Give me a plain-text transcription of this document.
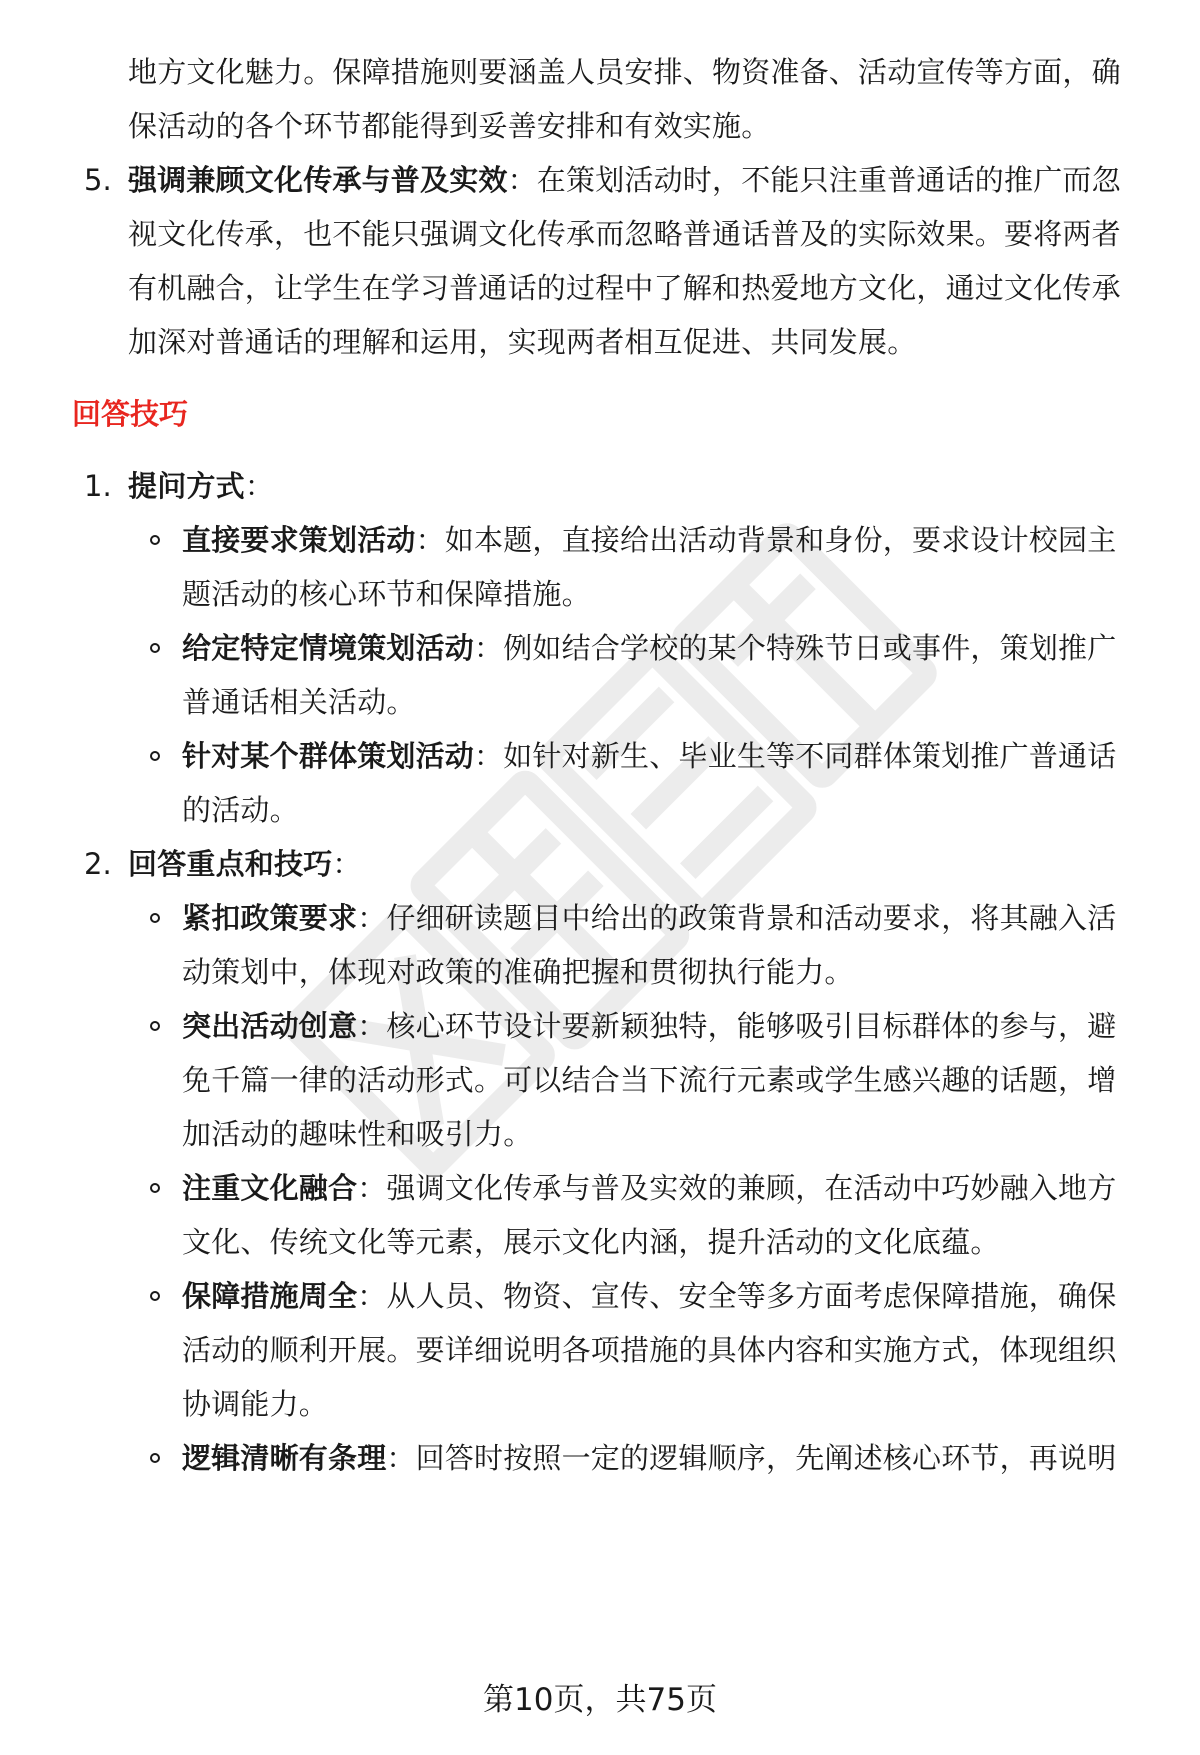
地方文化魅力。保障措施则要涵盖人员安排、物资准备、活动宣传等方面，确
保活动的各个环节都能得到妥善安排和有效实施。
5. 强调兼顾文化传承与普及实效：在策划活动时，不能只注重普通话的推广而忽
视文化传承，也不能只强调文化传承而忽略普通话普及的实际效果。要将两者
有机融合，让学生在学习普通话的过程中了解和热爱地方文化，通过文化传承
加深对普通话的理解和运用，实现两者相互促进、共同发展。
回答技巧
1. 提问方式：
直接要求策划活动：如本题，直接给出活动背景和身份，要求设计校园主
题活动的核心环节和保障措施。
给定特定情境策划活动：例如结合学校的某个特殊节日或事件，策划推广
普通话相关活动。
针对某个群体策划活动：如针对新生、毕业生等不同群体策划推广普通话
的活动。
2. 回答重点和技巧：
紧扣政策要求：仔细研读题目中给出的政策背景和活动要求，将其融入活
动策划中，体现对政策的准确把握和贯彻执行能力。
突出活动创意：核心环节设计要新颖独特，能够吸引目标群体的参与，避
免千篇一律的活动形式。可以结合当下流行元素或学生感兴趣的话题，增
加活动的趣味性和吸引力。
注重文化融合：强调文化传承与普及实效的兼顾，在活动中巧妙融入地方
文化、传统文化等元素，展示文化内涵，提升活动的文化底蕴。
保障措施周全：从人员、物资、宣传、安全等多方面考虑保障措施，确保
活动的顺利开展。要详细说明各项措施的具体内容和实施方式，体现组织
协调能力。
逻辑清晰有条理：回答时按照一定的逻辑顺序，先阐述核心环节，再说明
第10页，共75页
